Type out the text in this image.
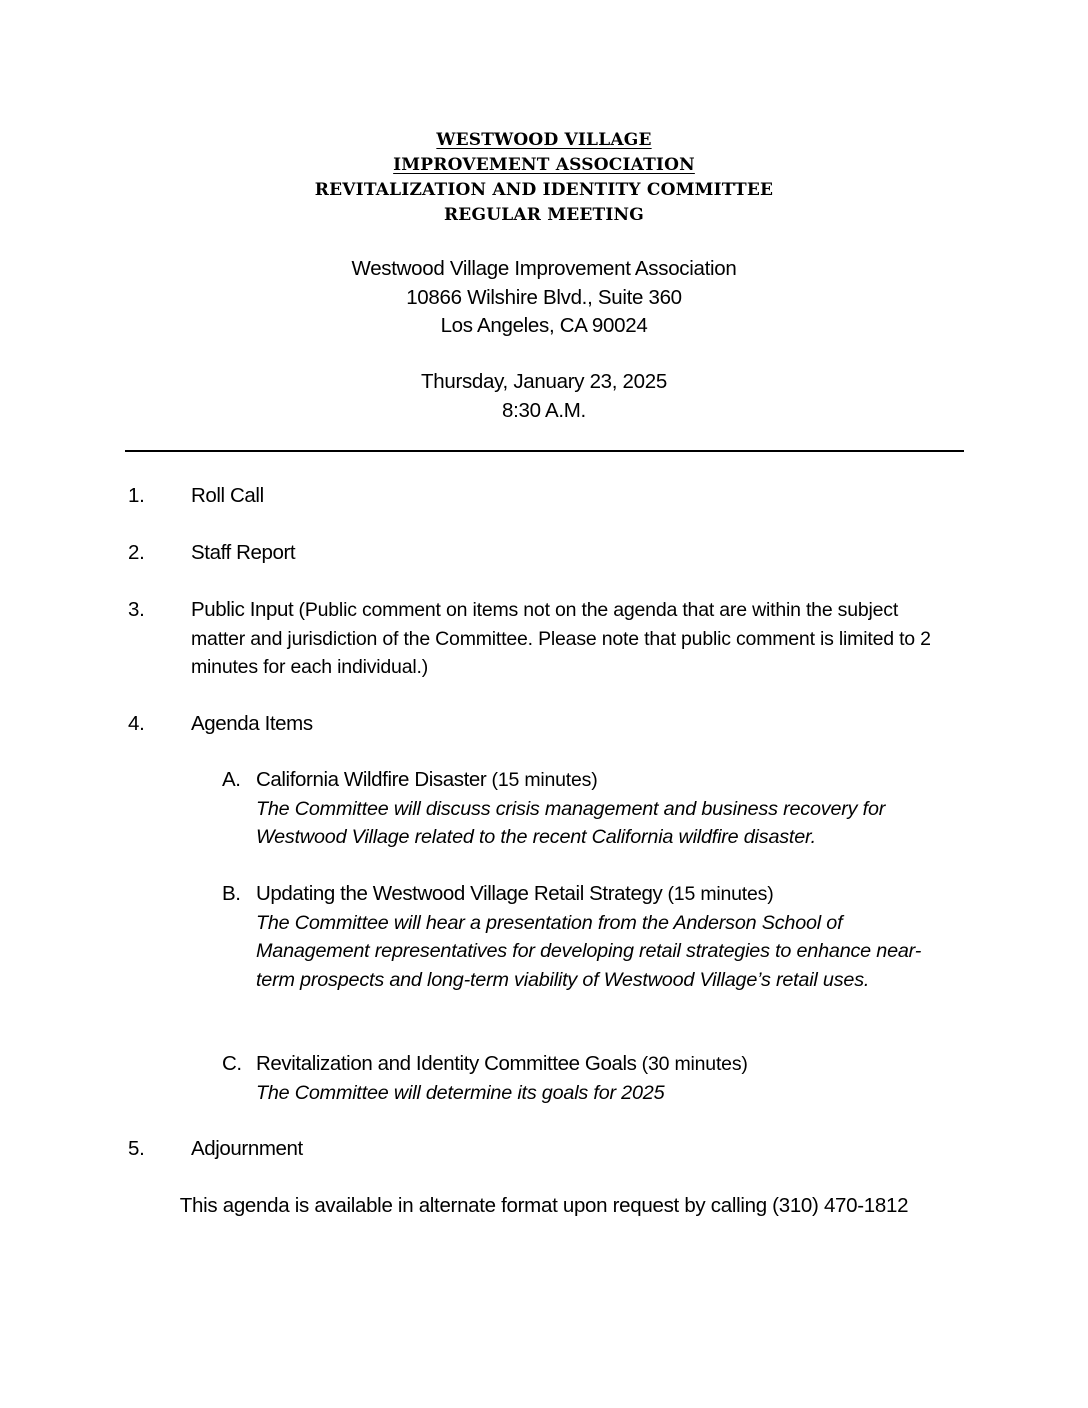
WESTWOOD VILLAGE
IMPROVEMENT ASSOCIATION
REVITALIZATION AND IDENTITY COMMITTEE
REGULAR MEETING
Westwood Village Improvement Association
10866 Wilshire Blvd., Suite 360
Los Angeles, CA 90024
Thursday, January 23, 2025
8:30 A.M.
1. Roll Call
2. Staff Report
3. Public Input (Public comment on items not on the agenda that are within the subject matter and jurisdiction of the Committee. Please note that public comment is limited to 2 minutes for each individual.)
4. Agenda Items
A. California Wildfire Disaster (15 minutes)
The Committee will discuss crisis management and business recovery for Westwood Village related to the recent California wildfire disaster.
B. Updating the Westwood Village Retail Strategy (15 minutes)
The Committee will hear a presentation from the Anderson School of Management representatives for developing retail strategies to enhance near-term prospects and long-term viability of Westwood Village’s retail uses.
C. Revitalization and Identity Committee Goals (30 minutes)
The Committee will determine its goals for 2025
5. Adjournment
This agenda is available in alternate format upon request by calling (310) 470-1812
